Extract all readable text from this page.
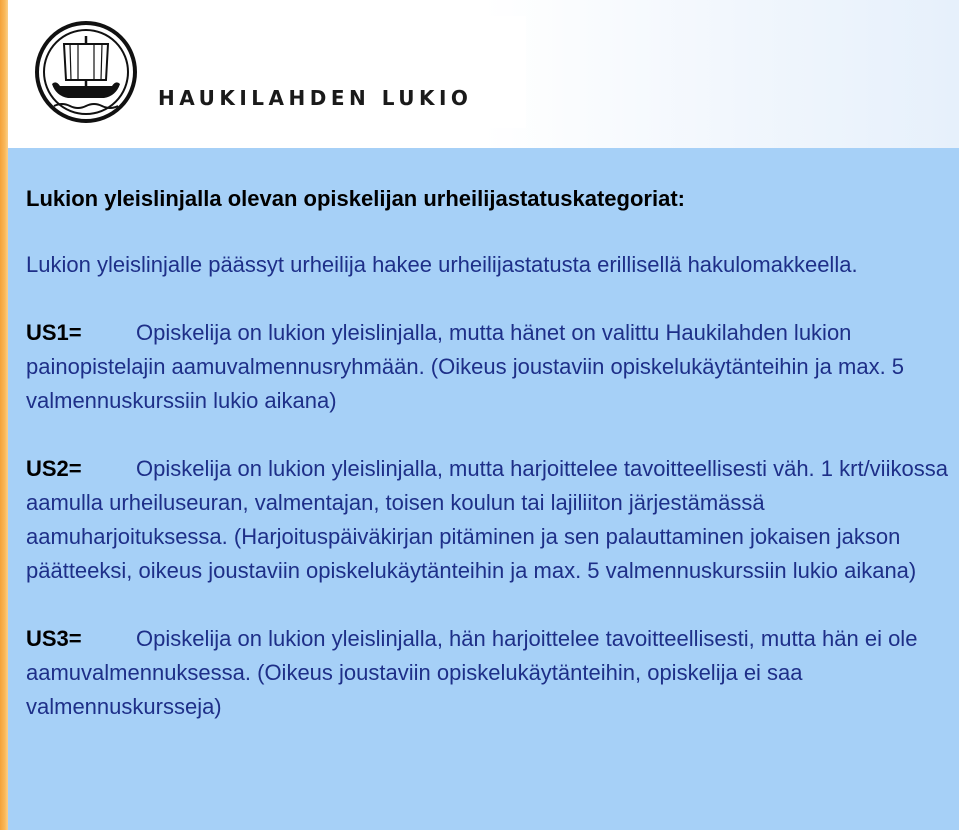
HAUKILAHDEN LUKIO

Lukion yleislinjalla olevan opiskelijan urheilijastatuskategoriat:

Lukion yleislinjalle päässyt urheilija hakee urheilijastatusta erillisellä hakulomakkeella.

US1= Opiskelija on lukion yleislinjalla, mutta hänet on valittu Haukilahden lukion painopistelajin aamuvalmennusryhmään. (Oikeus joustaviin opiskelukäytänteihin ja max. 5 valmennuskurssiin lukio aikana)

US2= Opiskelija on lukion yleislinjalla, mutta harjoittelee tavoitteellisesti väh. 1 krt/viikossa aamulla urheiluseuran, valmentajan, toisen koulun tai lajiliiton järjestämässä aamuharjoituksessa. (Harjoituspäiväkirjan pitäminen ja sen palauttaminen jokaisen jakson päätteeksi, oikeus joustaviin opiskelukäytänteihin ja max. 5 valmennuskurssiin lukio aikana)

US3= Opiskelija on lukion yleislinjalla, hän harjoittelee tavoitteellisesti, mutta hän ei ole aamuvalmennuksessa. (Oikeus joustaviin opiskelukäytänteihin, opiskelija ei saa valmennuskursseja)
